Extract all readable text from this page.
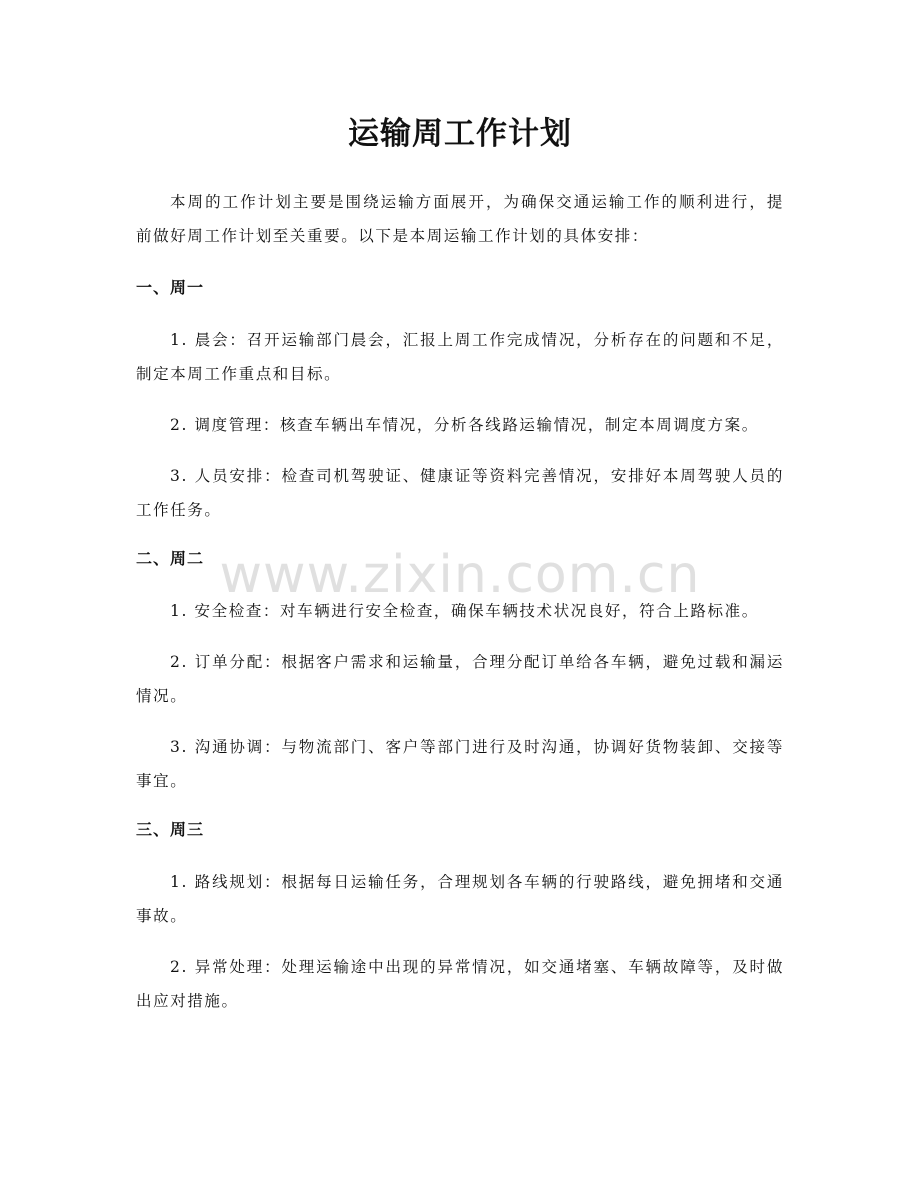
运输周工作计划

本周的工作计划主要是围绕运输方面展开，为确保交通运输工作的顺利进行，提前做好周工作计划至关重要。以下是本周运输工作计划的具体安排：

一、周一

1. 晨会：召开运输部门晨会，汇报上周工作完成情况，分析存在的问题和不足，制定本周工作重点和目标。

2. 调度管理：核查车辆出车情况，分析各线路运输情况，制定本周调度方案。

3. 人员安排：检查司机驾驶证、健康证等资料完善情况，安排好本周驾驶人员的工作任务。

二、周二

1. 安全检查：对车辆进行安全检查，确保车辆技术状况良好，符合上路标准。

2. 订单分配：根据客户需求和运输量，合理分配订单给各车辆，避免过载和漏运情况。

3. 沟通协调：与物流部门、客户等部门进行及时沟通，协调好货物装卸、交接等事宜。

三、周三

1. 路线规划：根据每日运输任务，合理规划各车辆的行驶路线，避免拥堵和交通事故。

2. 异常处理：处理运输途中出现的异常情况，如交通堵塞、车辆故障等，及时做出应对措施。

www.zixin.com.cn
